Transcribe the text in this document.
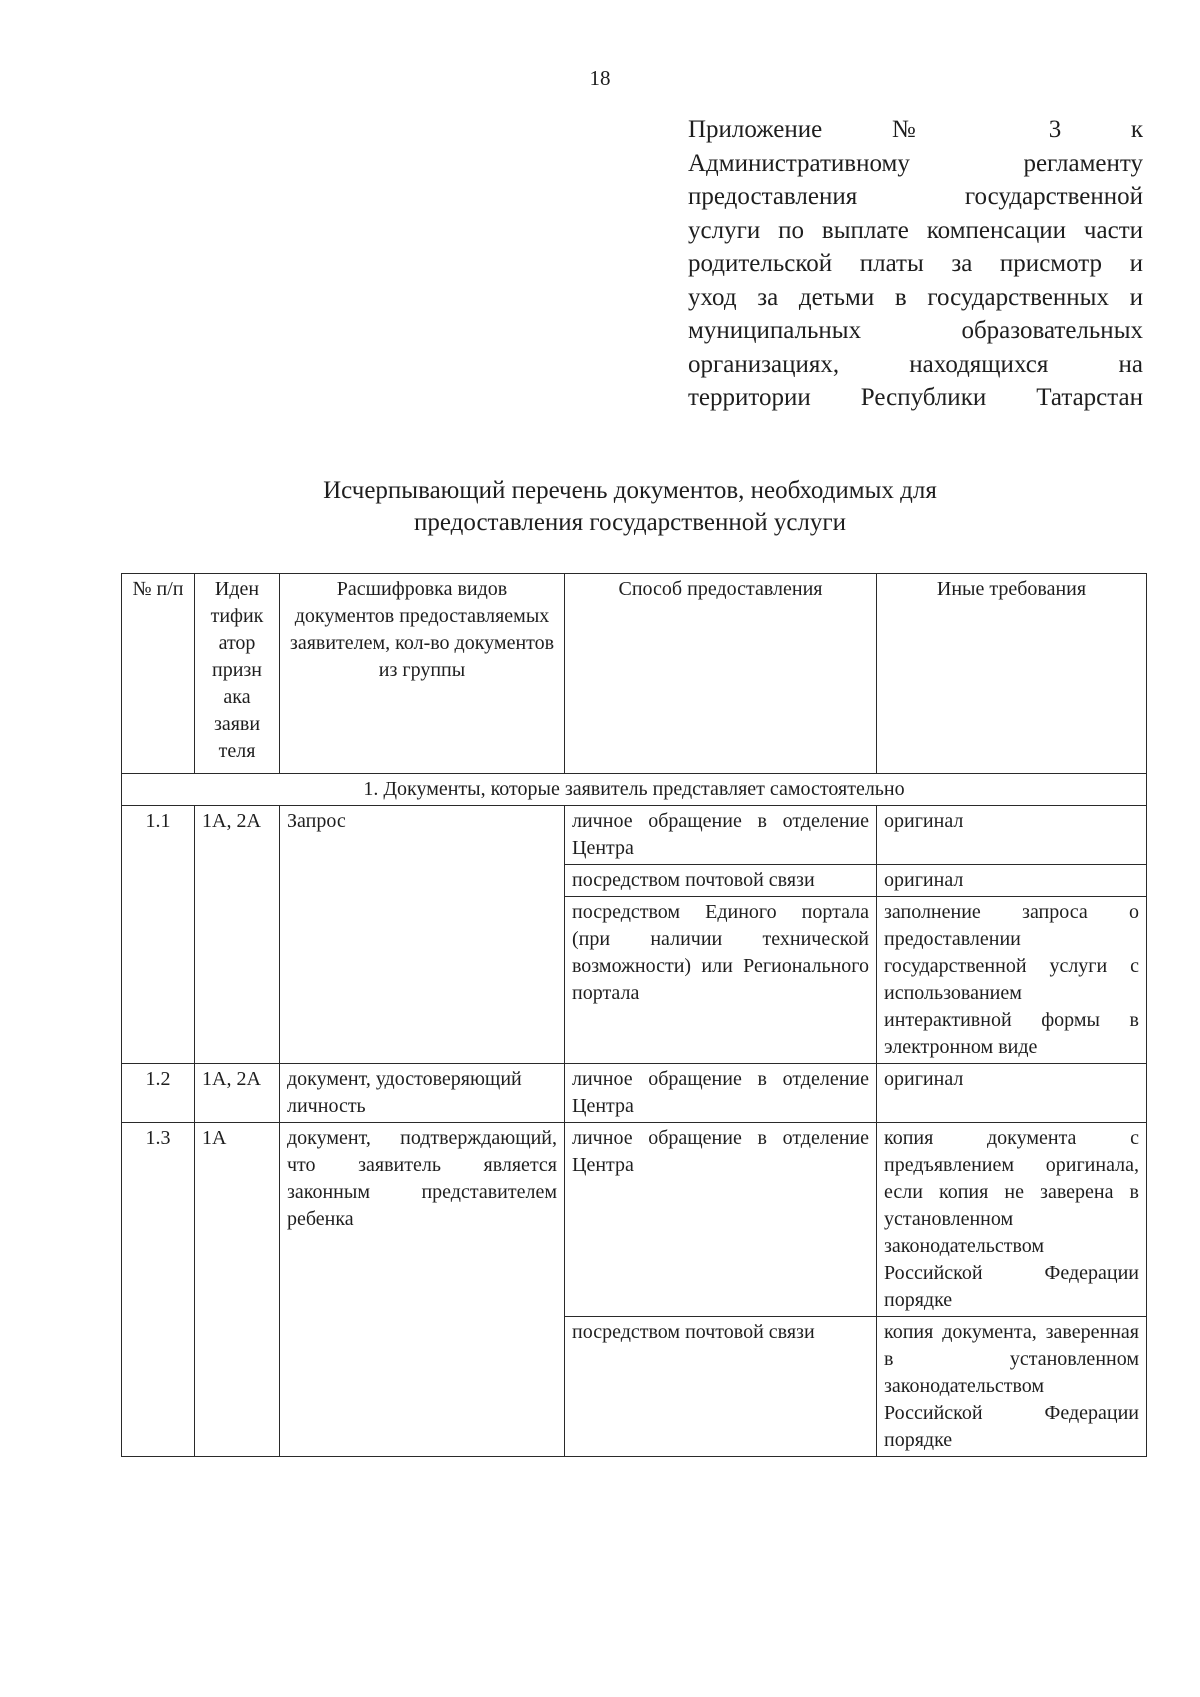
18
Приложение № 3 к
Административному регламенту
предоставления государственной
услуги по выплате компенсации части
родительской платы за присмотр и
уход за детьми в государственных и
муниципальных образовательных
организациях, находящихся на
территории Республики Татарстан
Исчерпывающий перечень документов, необходимых для
предоставления государственной услуги
№ п/п	Иден тифик атор призн ака заяви теля	Расшифровка видов документов предоставляемых заявителем, кол-во документов из группы	Способ предоставления	Иные требования
1. Документы, которые заявитель представляет самостоятельно				
1.1	1А, 2А	Запрос	личное обращение в отделение Центра	оригинал
			посредством почтовой связи	оригинал
			посредством Единого портала (при наличии технической возможности) или Регионального портала	заполнение запроса о предоставлении государственной услуги с использованием интерактивной формы в электронном виде
1.2	1А, 2А	документ, удостоверяющий личность	личное обращение в отделение Центра	оригинал
1.3	1А	документ, подтверждающий, что заявитель является законным представителем ребенка	личное обращение в отделение Центра	копия документа с предъявлением оригинала, если копия не заверена в установленном законодательством Российской Федерации порядке
			посредством почтовой связи	копия документа, заверенная в установленном законодательством Российской Федерации порядке
